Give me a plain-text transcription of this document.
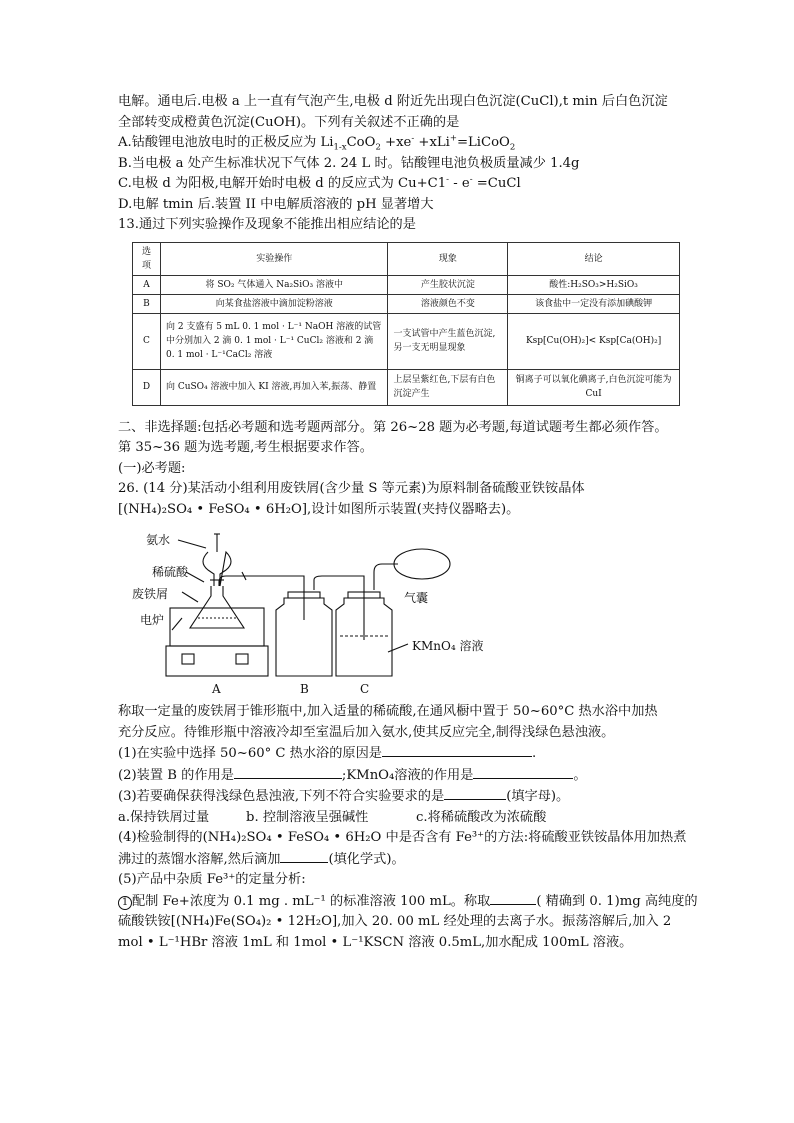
电解。通电后.电极 a 上一直有气泡产生,电极 d 附近先出现白色沉淀(CuCl),t min 后白色沉淀

全部转变成橙黄色沉淀(CuOH)。下列有关叙述不正确的是

A.钴酸锂电池放电时的正极反应为 $Li_{1-x}CoO_2 +xe^-$ +xLi+=LiCoO$_2$

B.当电极 a 处产生标准状况下气体 2. 24 L 时。钴酸锂电池负极质量减少 1.4g

C.电极 d 为阳极,电解开始时电极 d 的反应式为 Cu+C1- - e- =CuCl

D.电解 tmin 后.装置 II 中电解质溶液的 pH 显著增大

13.通过下列实验操作及现象不能推出相应结论的是

选项	实验操作	现象	结论
A	将 SO₂ 气体通入 Na₂SiO₃ 溶液中	产生胶状沉淀	酸性:H₂SO₃>H₂SiO₃
B	向某食盐溶液中滴加淀粉溶液	溶液颜色不变	该食盐中一定没有添加碘酸钾
C	向 2 支盛有 5 mL 0. 1 mol · L⁻¹ NaOH 溶液的试管中分别加入 2 滴 0. 1 mol · L⁻¹ CuCl₂ 溶液和 2 滴 0. 1 mol · L⁻¹CaCl₂ 溶液	一支试管中产生蓝色沉淀,另一支无明显现象	Ksp[Cu(OH)₂]< Ksp[Ca(OH)₂]
D	向 CuSO₄ 溶液中加入 KI 溶液,再加入苯,振荡、静置	上层呈紫红色,下层有白色沉淀产生	铜离子可以氧化碘离子,白色沉淀可能为 CuI

二、非选择题:包括必考题和选考题两部分。第 26~28 题为必考题,每道试题考生都必须作答。

第 35~36 题为选考题,考生根据要求作答。

(一)必考题:

26. (14 分)某活动小组利用废铁屑(含少量 S 等元素)为原料制备硫酸亚铁铵晶体

[(NH₄)₂SO₄ • FeSO₄ • 6H₂O],设计如图所示装置(夹持仪器略去)。

氨水
稀硫酸
废铁屑
电炉
气囊
KMnO₄ 溶液
A	B	C

称取一定量的废铁屑于锥形瓶中,加入适量的稀硫酸,在通风橱中置于 50~60°C 热水浴中加热

充分反应。待锥形瓶中溶液冷却至室温后加入氨水,使其反应完全,制得浅绿色悬浊液。

(1)在实验中选择 50~60° C 热水浴的原因是	.

(2)装置 B 的作用是	;KMnO₄溶液的作用是	。

(3)若要确保获得浅绿色悬浊液,下列不符合实验要求的是	(填字母)。

a.保持铁屑过量	b. 控制溶液呈强碱性	c.将稀硫酸改为浓硫酸

(4)检验制得的(NH₄)₂SO₄ • FeSO₄ • 6H₂O 中是否含有 Fe³⁺的方法:将硫酸亚铁铵晶体用加热煮

沸过的蒸馏水溶解,然后滴加	(填化学式)。

(5)产品中杂质 Fe³⁺的定量分析:

1 配制 Fe+浓度为 0.1 mg . mL⁻¹ 的标准溶液 100 mL。称取	( 精确到 0. 1)mg 高纯度的

硫酸铁铵[(NH₄)Fe(SO₄)₂ • 12H₂O],加入 20. 00 mL 经处理的去离子水。振荡溶解后,加入 2

mol • L⁻¹HBr 溶液 1mL 和 1mol • L⁻¹KSCN 溶液 0.5mL,加水配成 100mL 溶液。
